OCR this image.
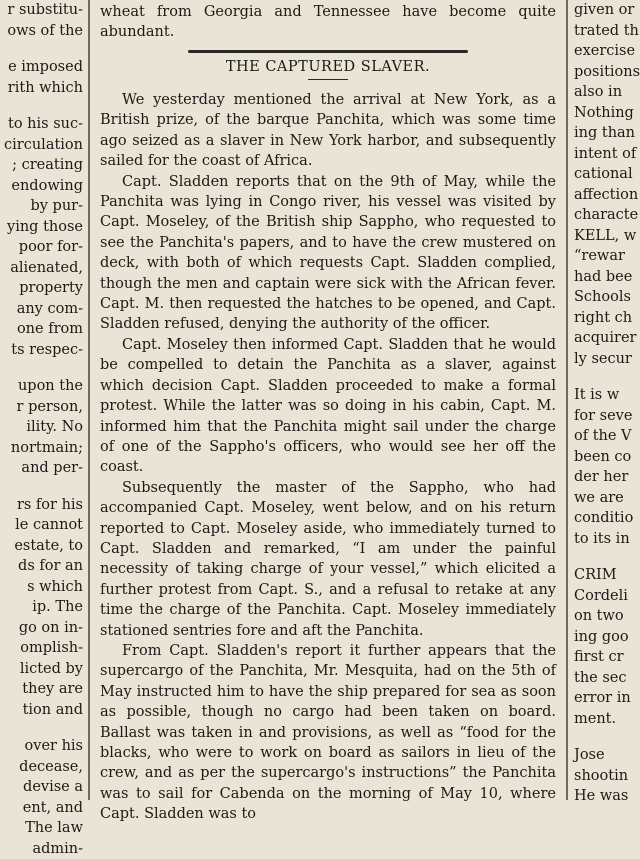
r substitu-
ows of the
e imposed
rith which
to his suc-
circulation
; creating
endowing
by pur-
ying those
poor for-
alienated,
property
any com-
one from
ts respec-
upon the
r person,
ility. No
nortmain;
and per-
rs for his
le cannot
estate, to
ds for an
s which
ip. The
go on in-
omplish-
licted by
they are
tion and
over his
decease,
devise a
ent, and
The law
admin-

wheat from Georgia and Tennessee have become quite abundant.

THE CAPTURED SLAVER.

We yesterday mentioned the arrival at New York, as a British prize, of the barque Panchita, which was some time ago seized as a slaver in New York harbor, and subsequently sailed for the coast of Africa.

Capt. Sladden reports that on the 9th of May, while the Panchita was lying in Congo river, his vessel was visited by Capt. Moseley, of the British ship Sappho, who requested to see the Panchita's papers, and to have the crew mustered on deck, with both of which requests Capt. Sladden complied, though the men and captain were sick with the African fever. Capt. M. then requested the hatches to be opened, and Capt. Sladden refused, denying the authority of the officer.

Capt. Moseley then informed Capt. Sladden that he would be compelled to detain the Panchita as a slaver, against which decision Capt. Sladden proceeded to make a formal protest. While the latter was so doing in his cabin, Capt. M. informed him that the Panchita might sail under the charge of one of the Sappho's officers, who would see her off the coast.

Subsequently the master of the Sappho, who had accompanied Capt. Moseley, went below, and on his return reported to Capt. Moseley aside, who immediately turned to Capt. Sladden and remarked, “I am under the painful necessity of taking charge of your vessel,” which elicited a further protest from Capt. S., and a refusal to retake at any time the charge of the Panchita. Capt. Moseley immediately stationed sentries fore and aft the Panchita.

From Capt. Sladden's report it further appears that the supercargo of the Panchita, Mr. Mesquita, had on the 5th of May instructed him to have the ship prepared for sea as soon as possible, though no cargo had been taken on board. Ballast was taken in and provisions, as well as “food for the blacks, who were to work on board as sailors in lieu of the crew, and as per the supercargo's instructions” the Panchita was to sail for Cabenda on the morning of May 10, where Capt. Sladden was to

given or
trated th
exercise
positions
also in
Nothing
ing than
intent of
cational
affection
characte
KELL, w
“rewar
had bee
Schools
right ch
acquirer
ly secur
It is w
for seve
of the V
been co
der her
we are
conditio
to its in
CRIM
Cordeli
on two
ing goo
first cr
the sec
error in
ment.
Jose
shootin
He was
